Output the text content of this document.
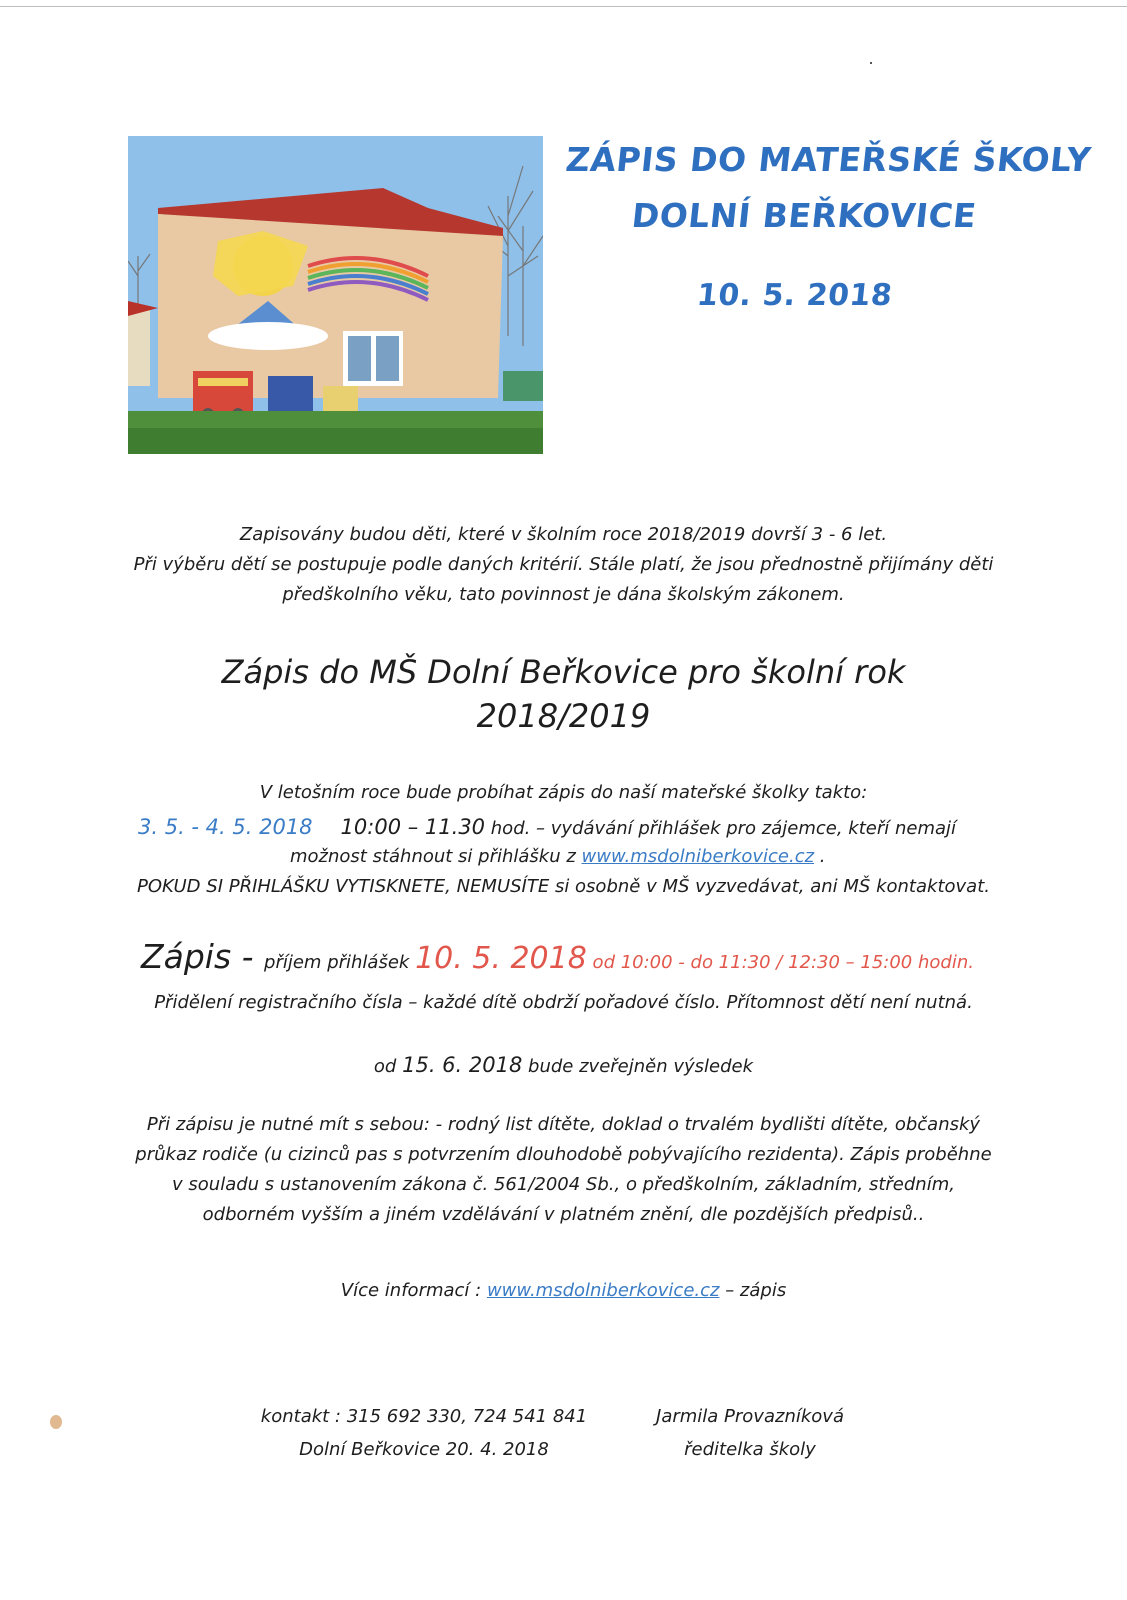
ZÁPIS DO MATEŘSKÉ ŠKOLY
DOLNÍ BEŘKOVICE
10. 5. 2018
Zapisovány budou děti, které v školním roce 2018/2019 dovrší 3 - 6 let.
Při výběru dětí se postupuje podle daných kritérií. Stále platí, že jsou přednostně přijímány děti
předškolního věku, tato povinnost je dána školským zákonem.
Zápis do MŠ Dolní Beřkovice pro školní rok
2018/2019
V letošním roce bude probíhat zápis do naší mateřské školky takto:
3. 5. - 4. 5. 2018 10:00 – 11.30 hod. – vydávání přihlášek pro zájemce, kteří nemají
možnost stáhnout si přihlášku z www.msdolniberkovice.cz .
POKUD SI PŘIHLÁŠKU VYTISKNETE, NEMUSÍTE si osobně v MŠ vyzvedávat, ani MŠ kontaktovat.
Zápis - příjem přihlášek 10. 5. 2018 od 10:00 - do 11:30 / 12:30 – 15:00 hodin.
Přidělení registračního čísla – každé dítě obdrží pořadové číslo. Přítomnost dětí není nutná.
od 15. 6. 2018 bude zveřejněn výsledek
Při zápisu je nutné mít s sebou: - rodný list dítěte, doklad o trvalém bydlišti dítěte, občanský
průkaz rodiče (u cizinců pas s potvrzením dlouhodobě pobývajícího rezidenta). Zápis proběhne
v souladu s ustanovením zákona č. 561/2004 Sb., o předškolním, základním, středním,
odborném vyšším a jiném vzdělávání v platném znění, dle pozdějších předpisů..
Více informací : www.msdolniberkovice.cz – zápis
kontakt : 315 692 330, 724 541 841
Dolní Beřkovice 20. 4. 2018
Jarmila Provazníková
ředitelka školy
